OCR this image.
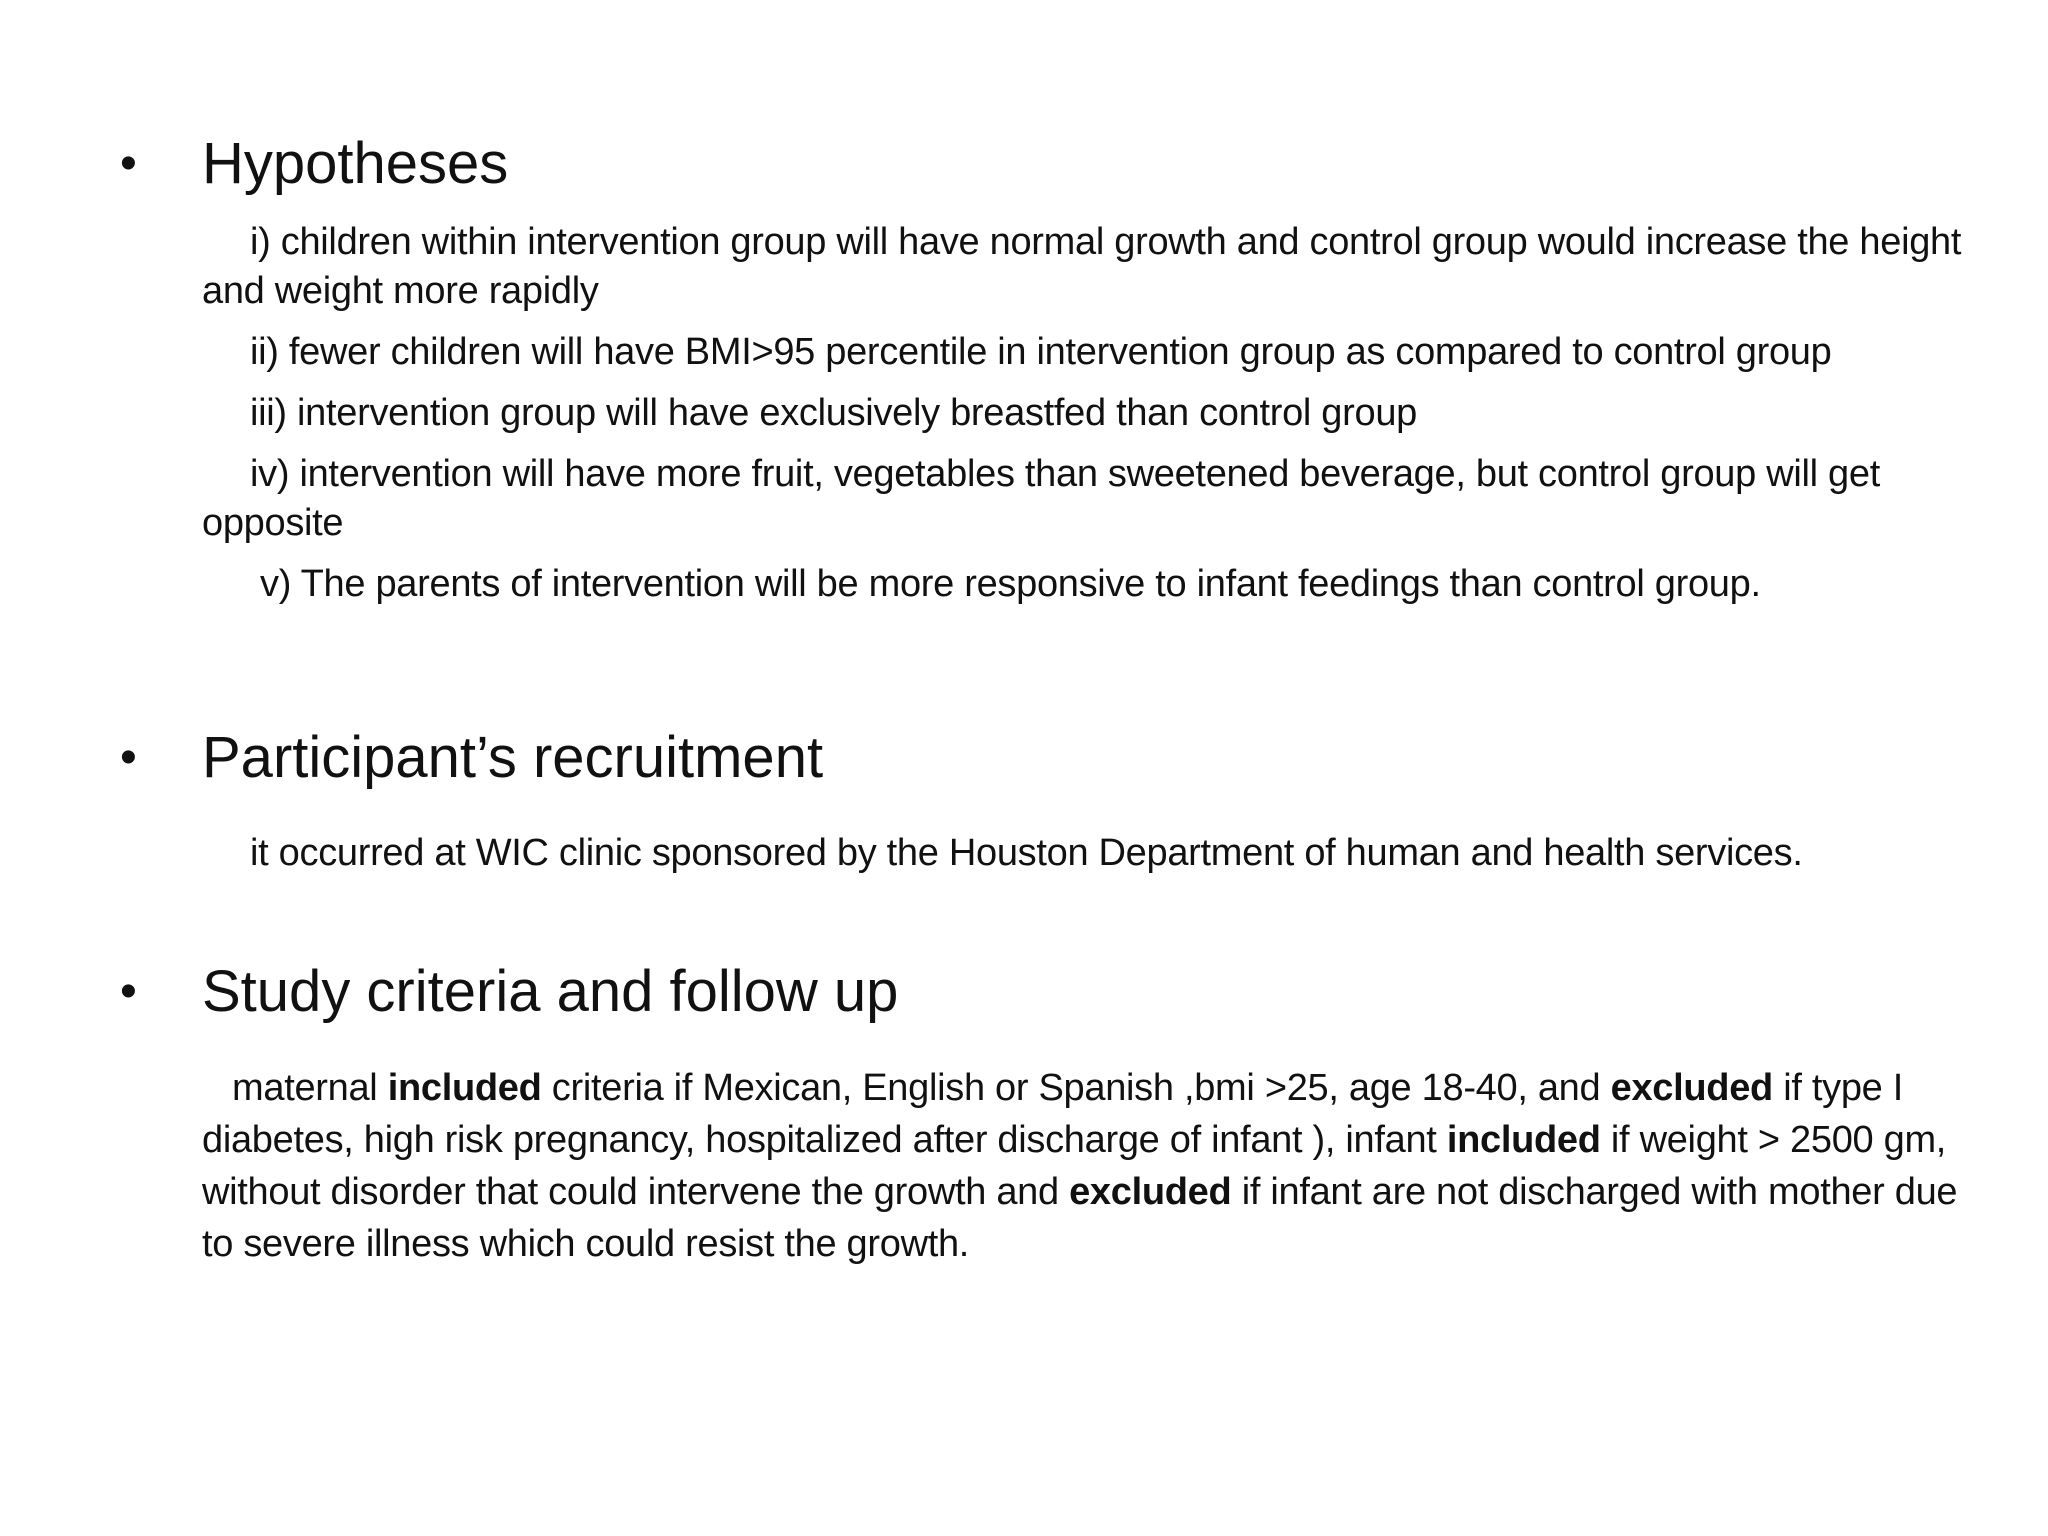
• Hypotheses

i) children within intervention group will have normal growth and control group would increase the height and weight more rapidly

ii) fewer children will have BMI>95 percentile in intervention group as compared to control group

iii) intervention group will have exclusively breastfed than control group

iv) intervention will have more fruit, vegetables than sweetened beverage, but control group will get opposite

v) The parents of intervention will be more responsive to infant feedings than control group.

• Participant’s recruitment

it occurred at WIC clinic sponsored by the Houston Department of human and health services.

• Study criteria and follow up

maternal included criteria if Mexican, English or Spanish ,bmi >25, age 18-40, and excluded if type I diabetes, high risk pregnancy, hospitalized after discharge of infant ), infant included if weight > 2500 gm, without disorder that could intervene the growth and excluded if infant are not discharged with mother due to severe illness which could resist the growth.
